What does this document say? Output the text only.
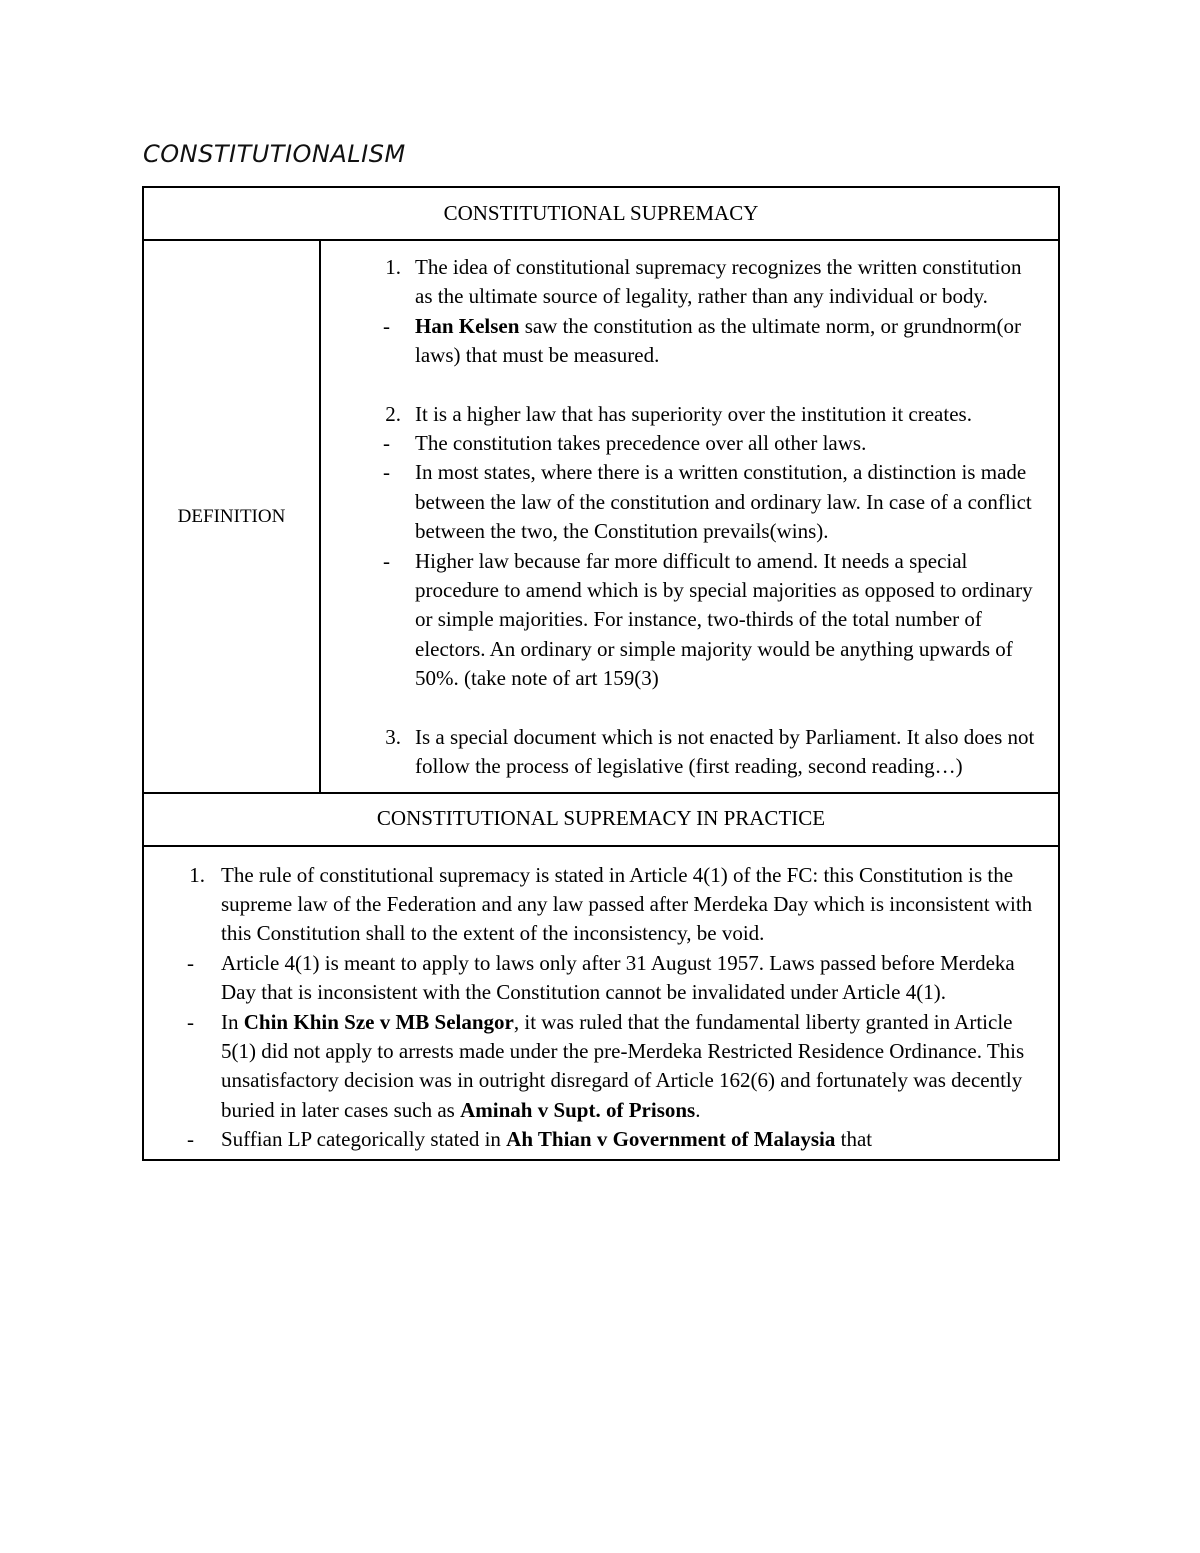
CONSTITUTIONALISM
CONSTITUTIONAL SUPREMACY
DEFINITION
1. The idea of constitutional supremacy recognizes the written constitution as the ultimate source of legality, rather than any individual or body.
-	Han Kelsen saw the constitution as the ultimate norm, or grundnorm(or laws) that must be measured.
2. It is a higher law that has superiority over the institution it creates.
-	The constitution takes precedence over all other laws.
-	In most states, where there is a written constitution, a distinction is made between the law of the constitution and ordinary law. In case of a conflict between the two, the Constitution prevails(wins).
-	Higher law because far more difficult to amend. It needs a special procedure to amend which is by special majorities as opposed to ordinary or simple majorities. For instance, two-thirds of the total number of electors. An ordinary or simple majority would be anything upwards of 50%. (take note of art 159(3)
3. Is a special document which is not enacted by Parliament. It also does not follow the process of legislative (first reading, second reading…)
CONSTITUTIONAL SUPREMACY IN PRACTICE
1. The rule of constitutional supremacy is stated in Article 4(1) of the FC: this Constitution is the supreme law of the Federation and any law passed after Merdeka Day which is inconsistent with this Constitution shall to the extent of the inconsistency, be void.
-	Article 4(1) is meant to apply to laws only after 31 August 1957. Laws passed before Merdeka Day that is inconsistent with the Constitution cannot be invalidated under Article 4(1).
-	In Chin Khin Sze v MB Selangor, it was ruled that the fundamental liberty granted in Article 5(1) did not apply to arrests made under the pre-Merdeka Restricted Residence Ordinance. This unsatisfactory decision was in outright disregard of Article 162(6) and fortunately was decently buried in later cases such as Aminah v Supt. of Prisons.
-	Suffian LP categorically stated in Ah Thian v Government of Malaysia that
